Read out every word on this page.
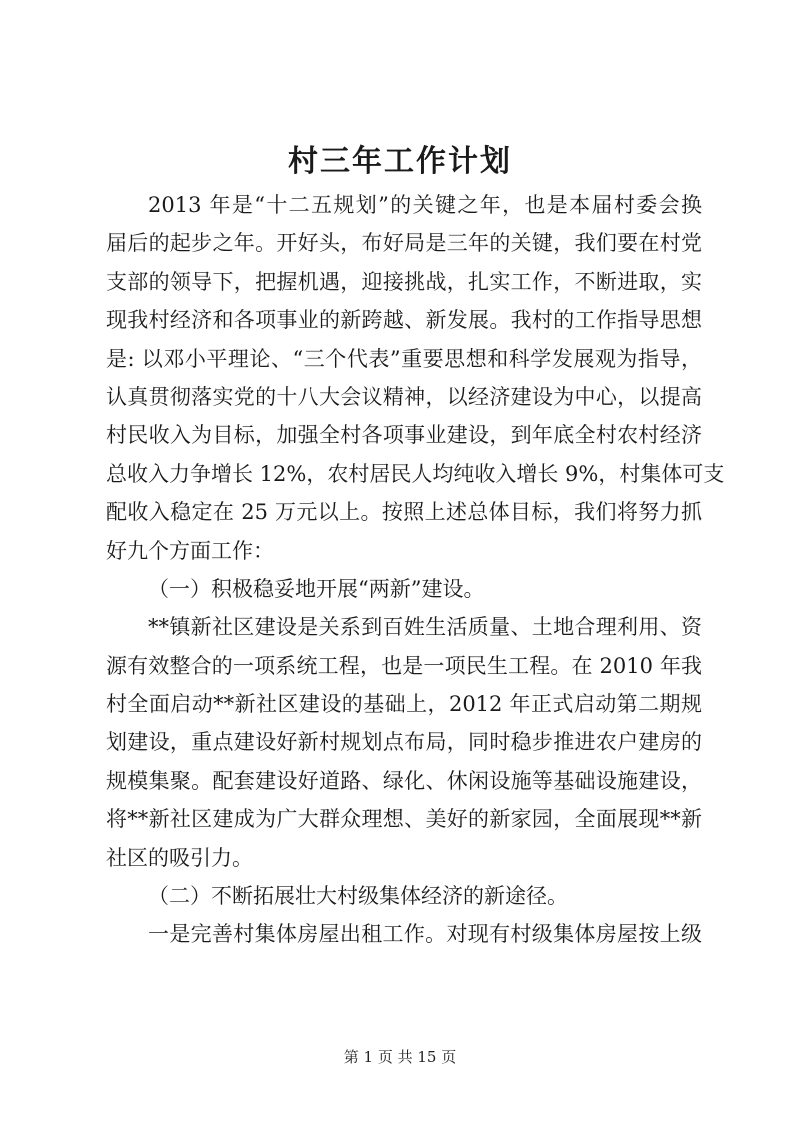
村三年工作计划
2013 年是“十二五规划”的关键之年，也是本届村委会换
届后的起步之年。开好头，布好局是三年的关键，我们要在村党
支部的领导下，把握机遇，迎接挑战，扎实工作，不断进取，实
现我村经济和各项事业的新跨越、新发展。我村的工作指导思想
是: 以邓小平理论、“三个代表”重要思想和科学发展观为指导，
认真贯彻落实党的十八大会议精神，以经济建设为中心，以提高
村民收入为目标，加强全村各项事业建设，到年底全村农村经济
总收入力争增长 12%，农村居民人均纯收入增长 9%，村集体可支
配收入稳定在 25 万元以上。按照上述总体目标，我们将努力抓
好九个方面工作：
（一）积极稳妥地开展“两新”建设。
**镇新社区建设是关系到百姓生活质量、土地合理利用、资
源有效整合的一项系统工程，也是一项民生工程。在 2010 年我
村全面启动**新社区建设的基础上，2012 年正式启动第二期规
划建设，重点建设好新村规划点布局，同时稳步推进农户建房的
规模集聚。配套建设好道路、绿化、休闲设施等基础设施建设，
将**新社区建成为广大群众理想、美好的新家园，全面展现**新
社区的吸引力。
（二）不断拓展壮大村级集体经济的新途径。
一是完善村集体房屋出租工作。对现有村级集体房屋按上级
第 1 页 共 15 页
